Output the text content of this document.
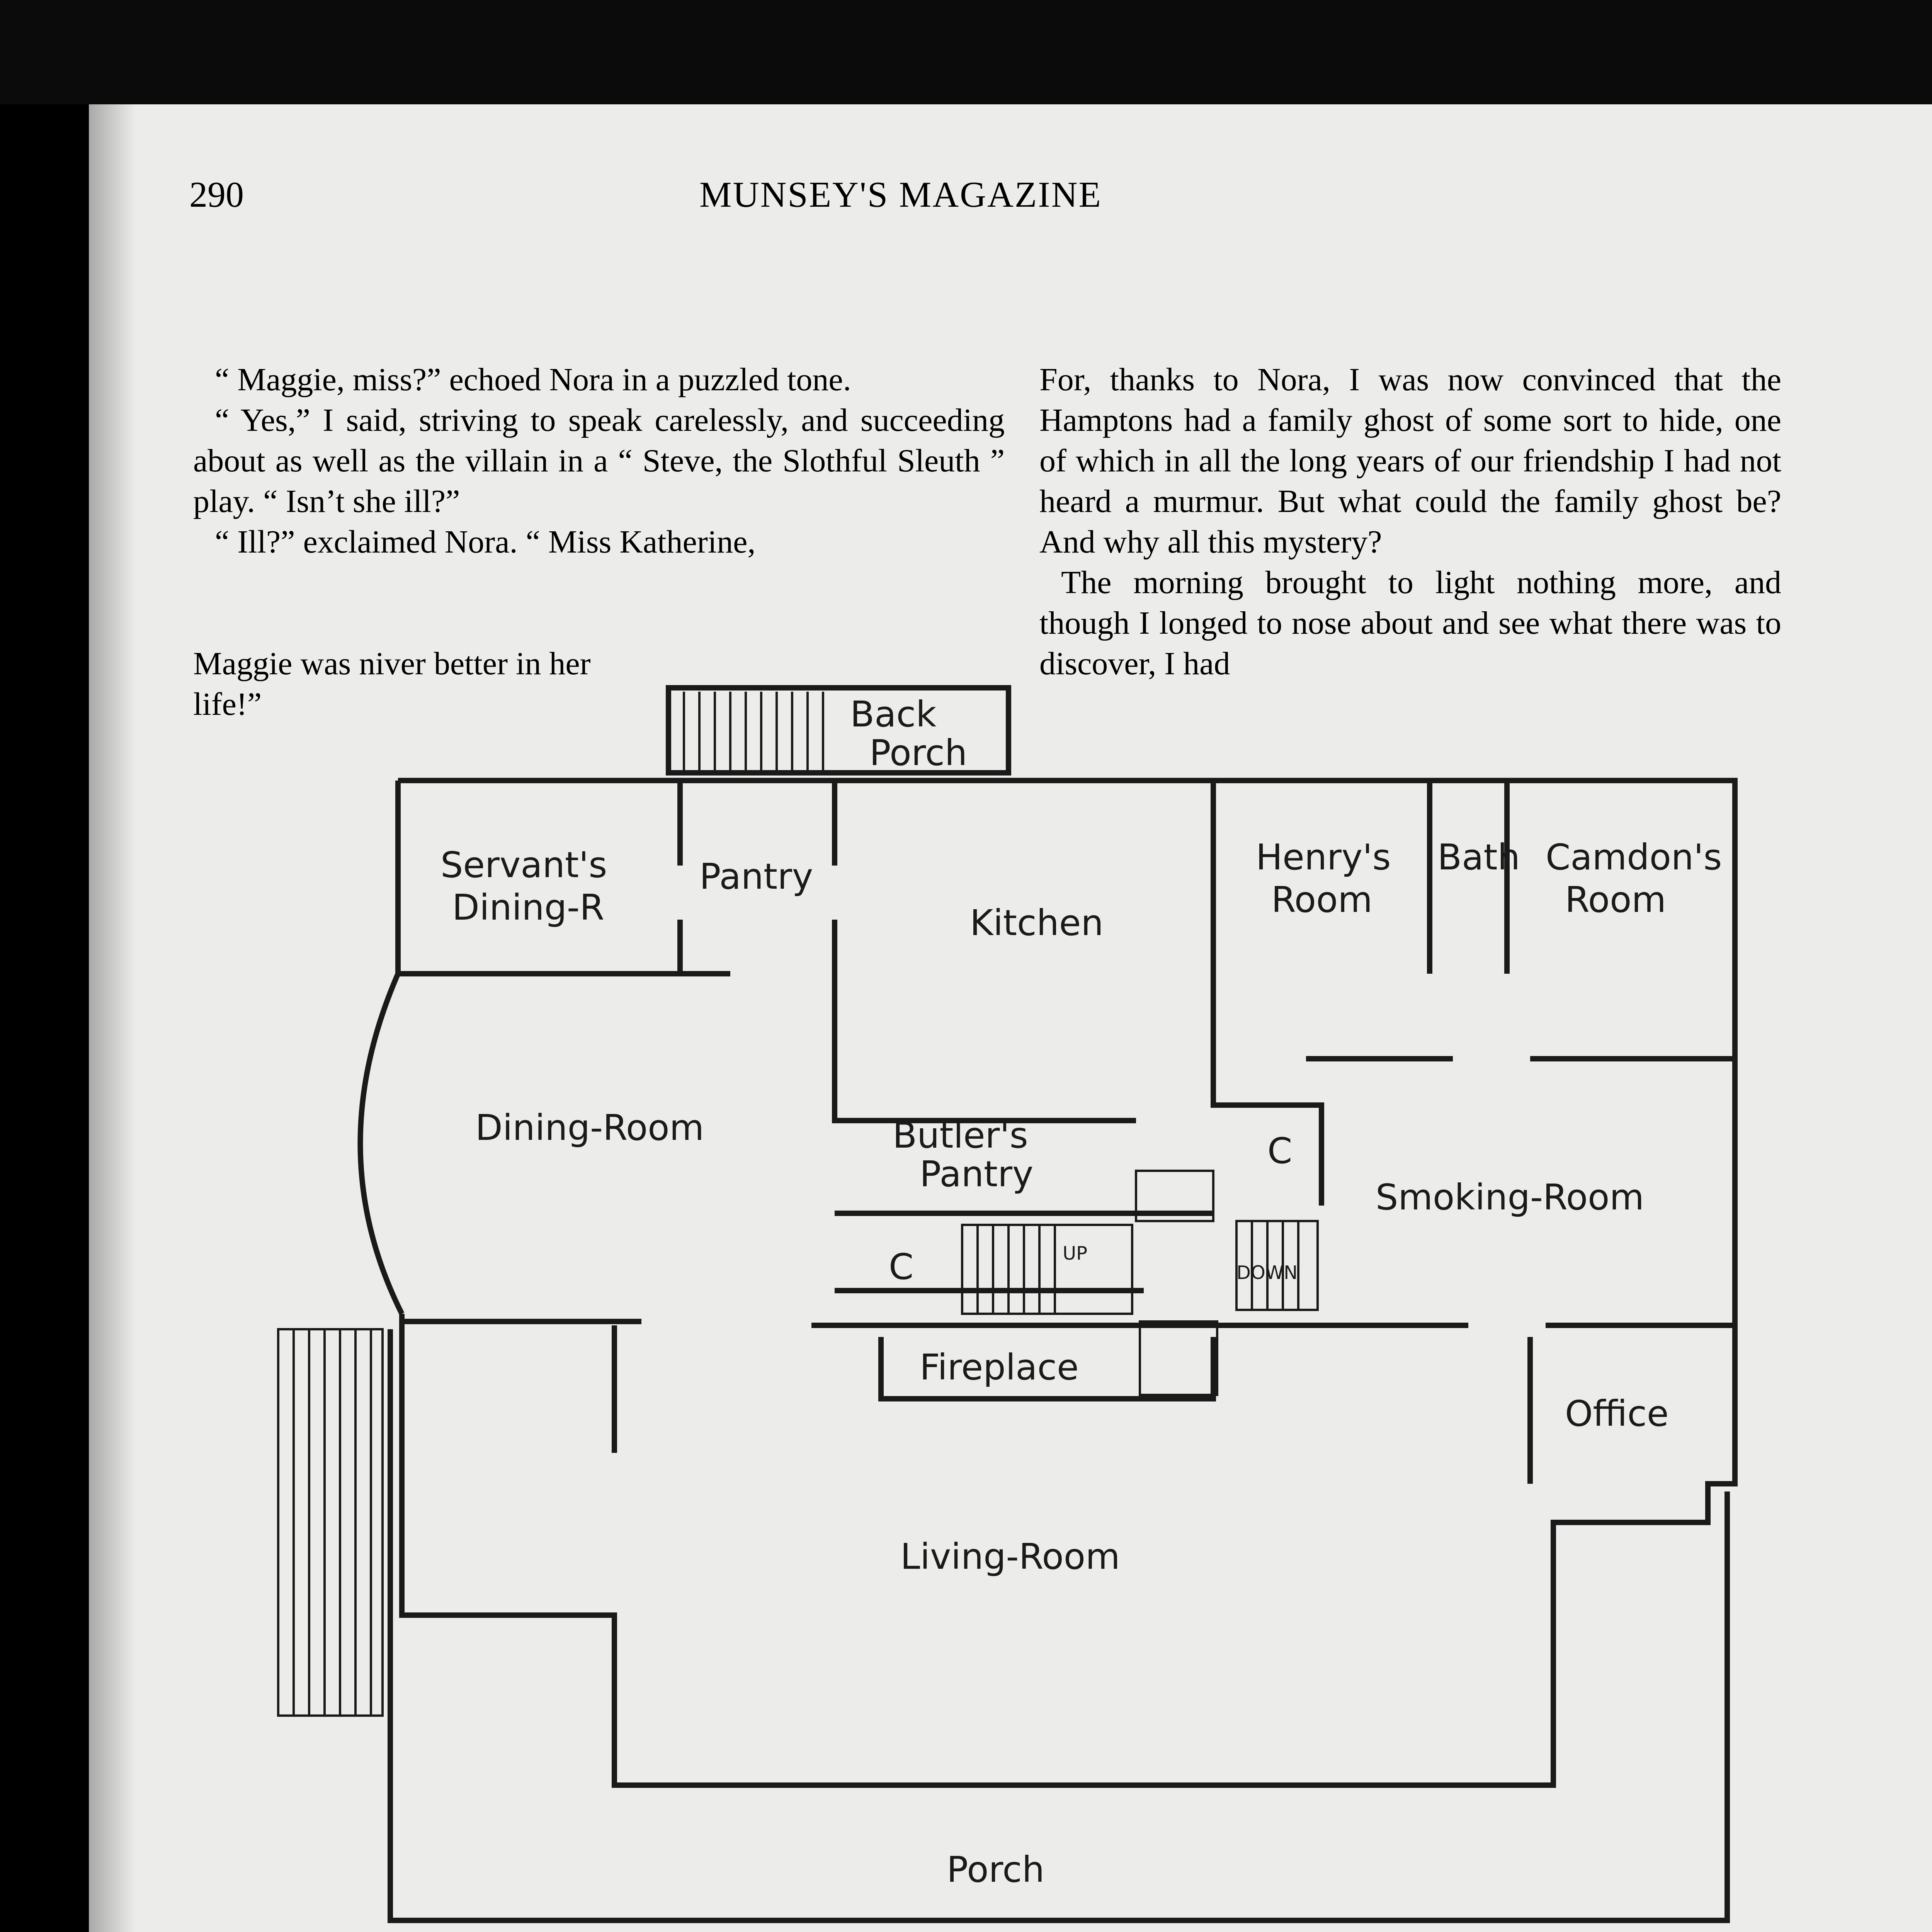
290	MUNSEY'S MAGAZINE

“ Maggie, miss?” echoed Nora in a puzzled tone.

“ Yes,” I said, striving to speak carelessly, and succeeding about as well as the villain in a “ Steve, the Slothful Sleuth ” play. “ Isn’t she ill?”

“ Ill?” exclaimed Nora. “ Miss Katherine,

Maggie was niver better in her life!”

For, thanks to Nora, I was now convinced that the Hamptons had a family ghost of some sort to hide, one of which in all the long years of our friendship I had not heard a murmur. But what could the family ghost be? And why all this mystery?

The morning brought to light nothing more, and though I longed to nose about and see what there was to discover, I had

Back
Porch
Servant's
Dining-R
Pantry
Kitchen
Henry's
Room
Bath Camdon's
Room
Dining-Room	Butler's
Pantry
C
C	UP
DOWN
Smoking-Room
Fireplace
Office
Living-Room
Porch
